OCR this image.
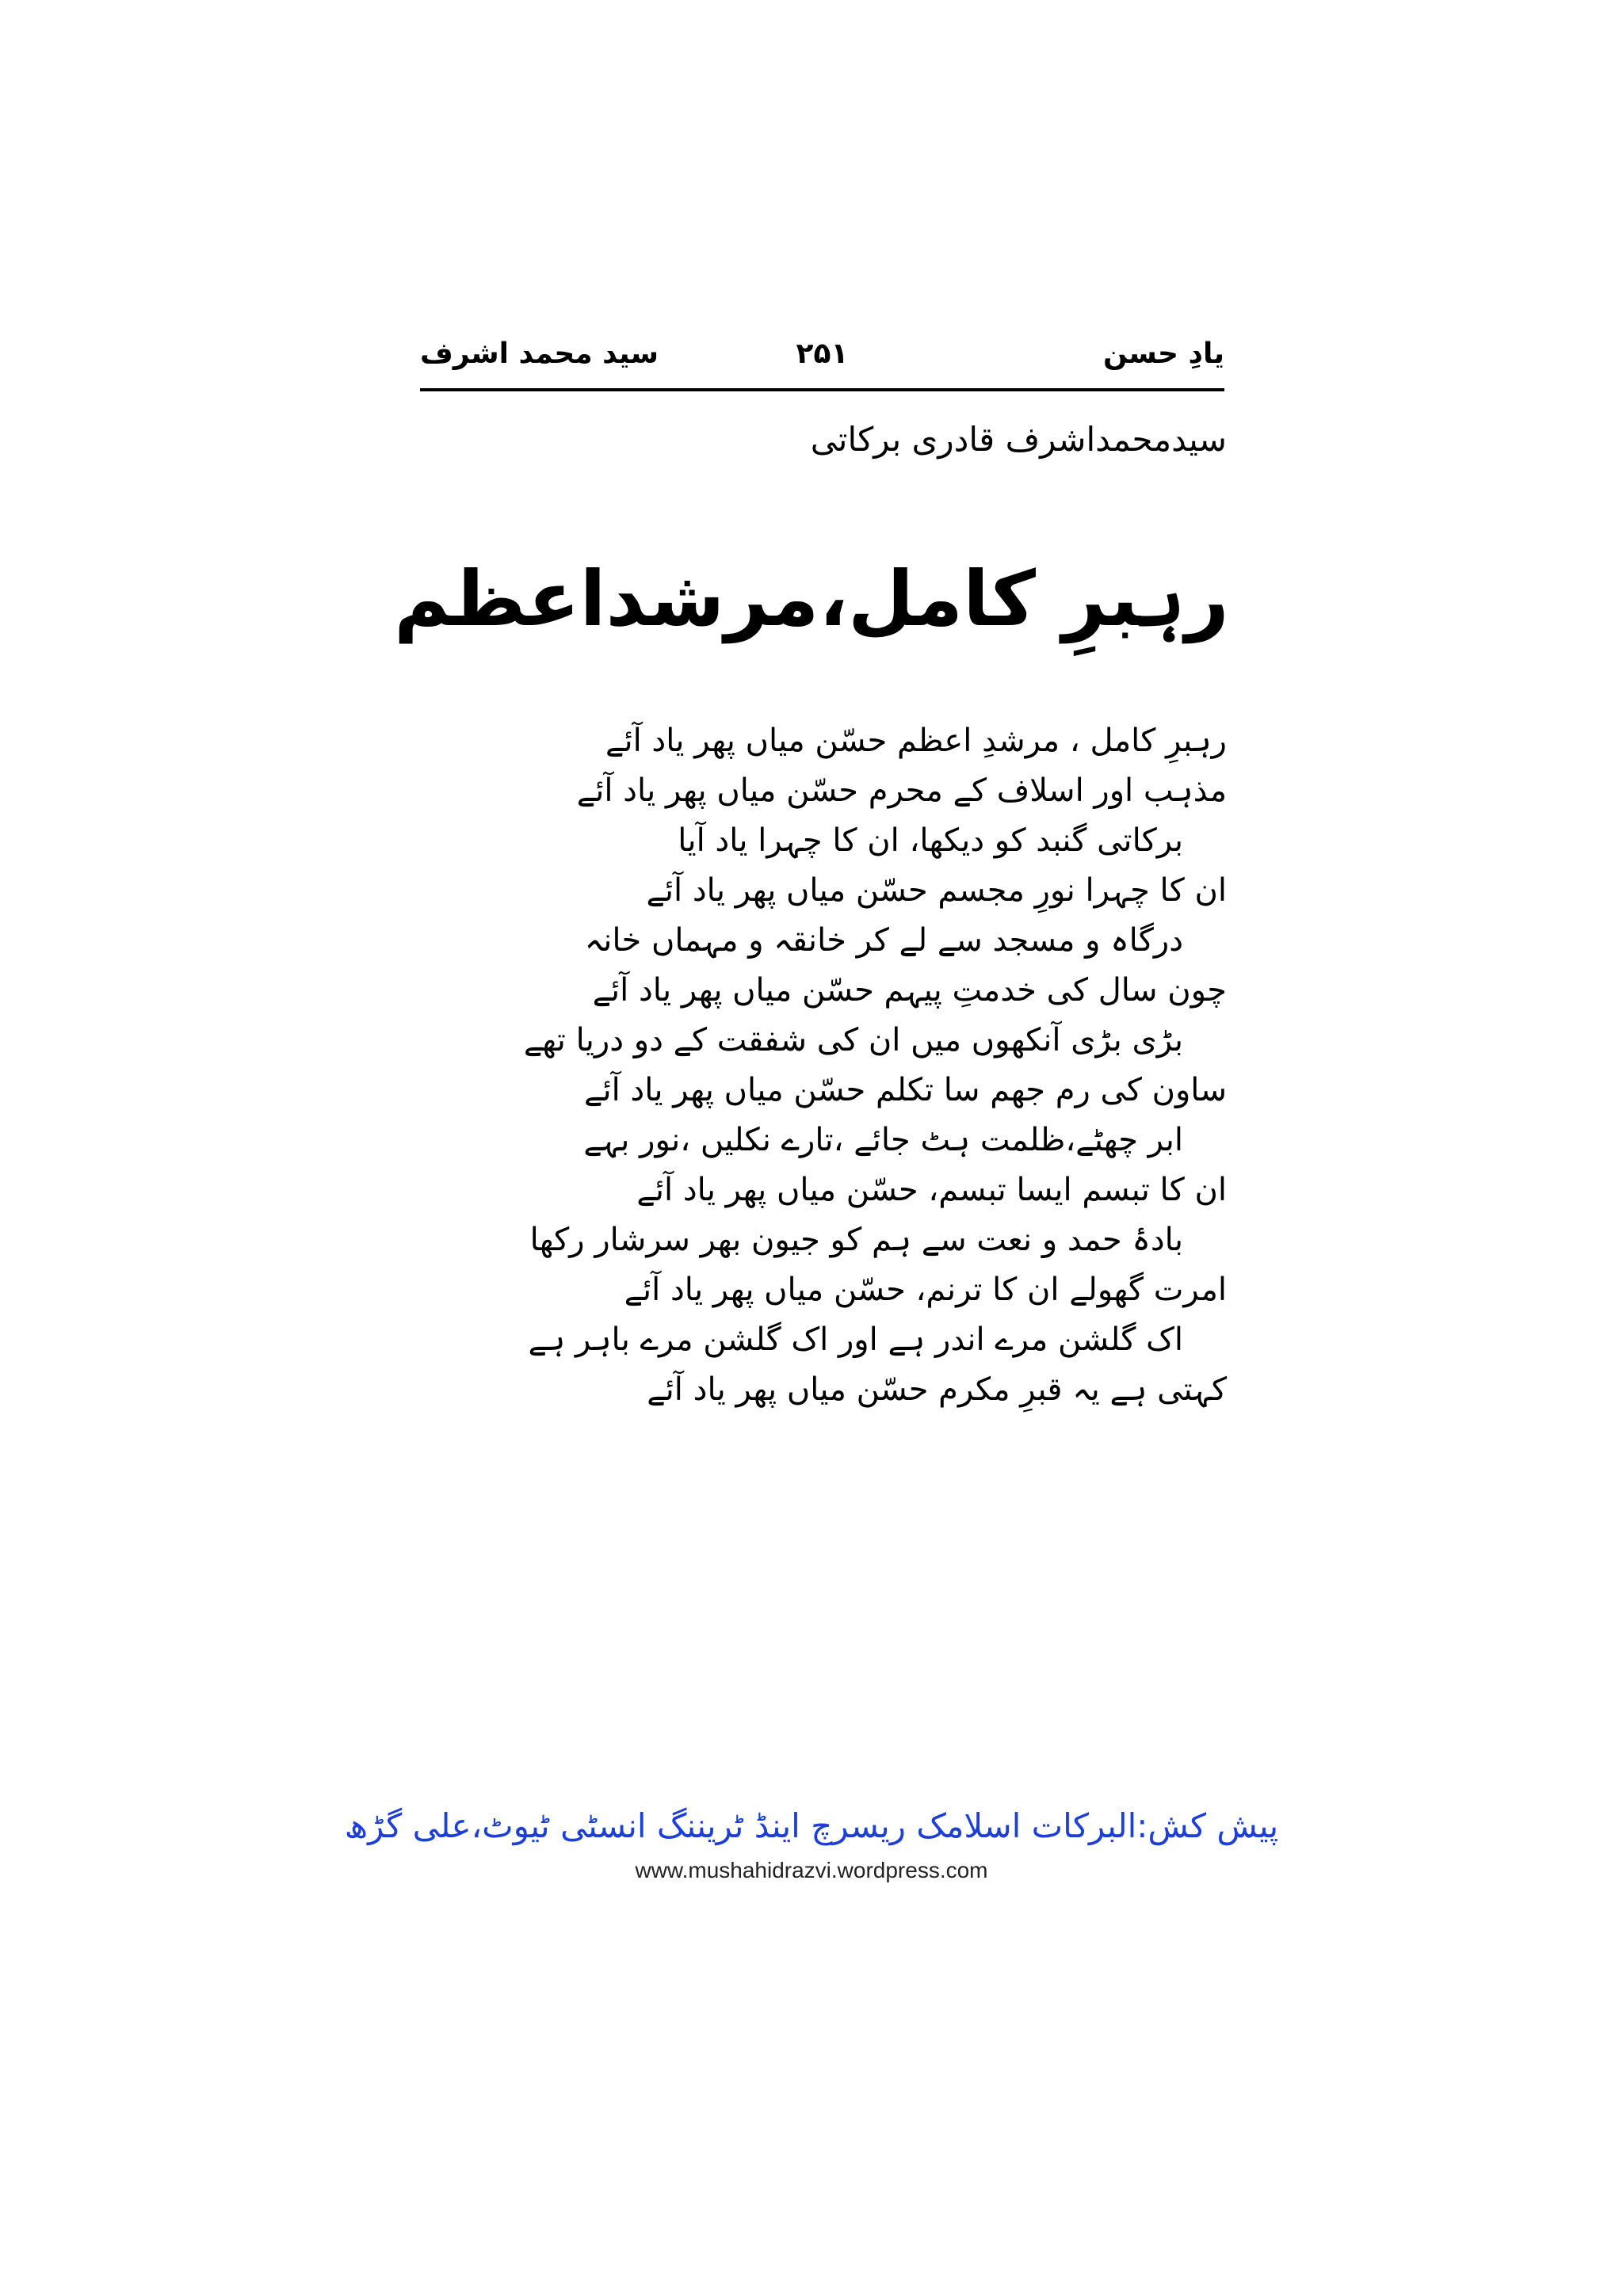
یادِ حسن
۲۵۱
سید محمد اشرف
سیدمحمداشرف قادری برکاتی
رہبرِ کامل،مرشداعظم
رہبرِ کامل ، مرشدِ اعظم حسّن میاں پھر یاد آئے
مذہب اور اسلاف کے محرم حسّن میاں پھر یاد آئے
برکاتی گنبد کو دیکھا، ان کا چہرا یاد آیا
ان کا چہرا نورِ مجسم حسّن میاں پھر یاد آئے
درگاہ و مسجد سے لے کر خانقہ و مہماں خانہ
چون سال کی خدمتِ پیہم حسّن میاں پھر یاد آئے
بڑی بڑی آنکھوں میں ان کی شفقت کے دو دریا تھے
ساون کی رم جھم سا تکلم حسّن میاں پھر یاد آئے
ابر چھٹے،ظلمت ہٹ جائے ،تارے نکلیں ،نور بہے
ان کا تبسم ایسا تبسم، حسّن میاں پھر یاد آئے
بادۂ حمد و نعت سے ہم کو جیون بھر سرشار رکھا
امرت گھولے ان کا ترنم، حسّن میاں پھر یاد آئے
اک گلشن مرے اندر ہے اور اک گلشن مرے باہر ہے
کہتی ہے یہ قبرِ مکرم حسّن میاں پھر یاد آئے
پیش کش:البرکات اسلامک ریسرچ اینڈ ٹریننگ انسٹی ٹیوٹ،علی گڑھ
www.mushahidrazvi.wordpress.com
